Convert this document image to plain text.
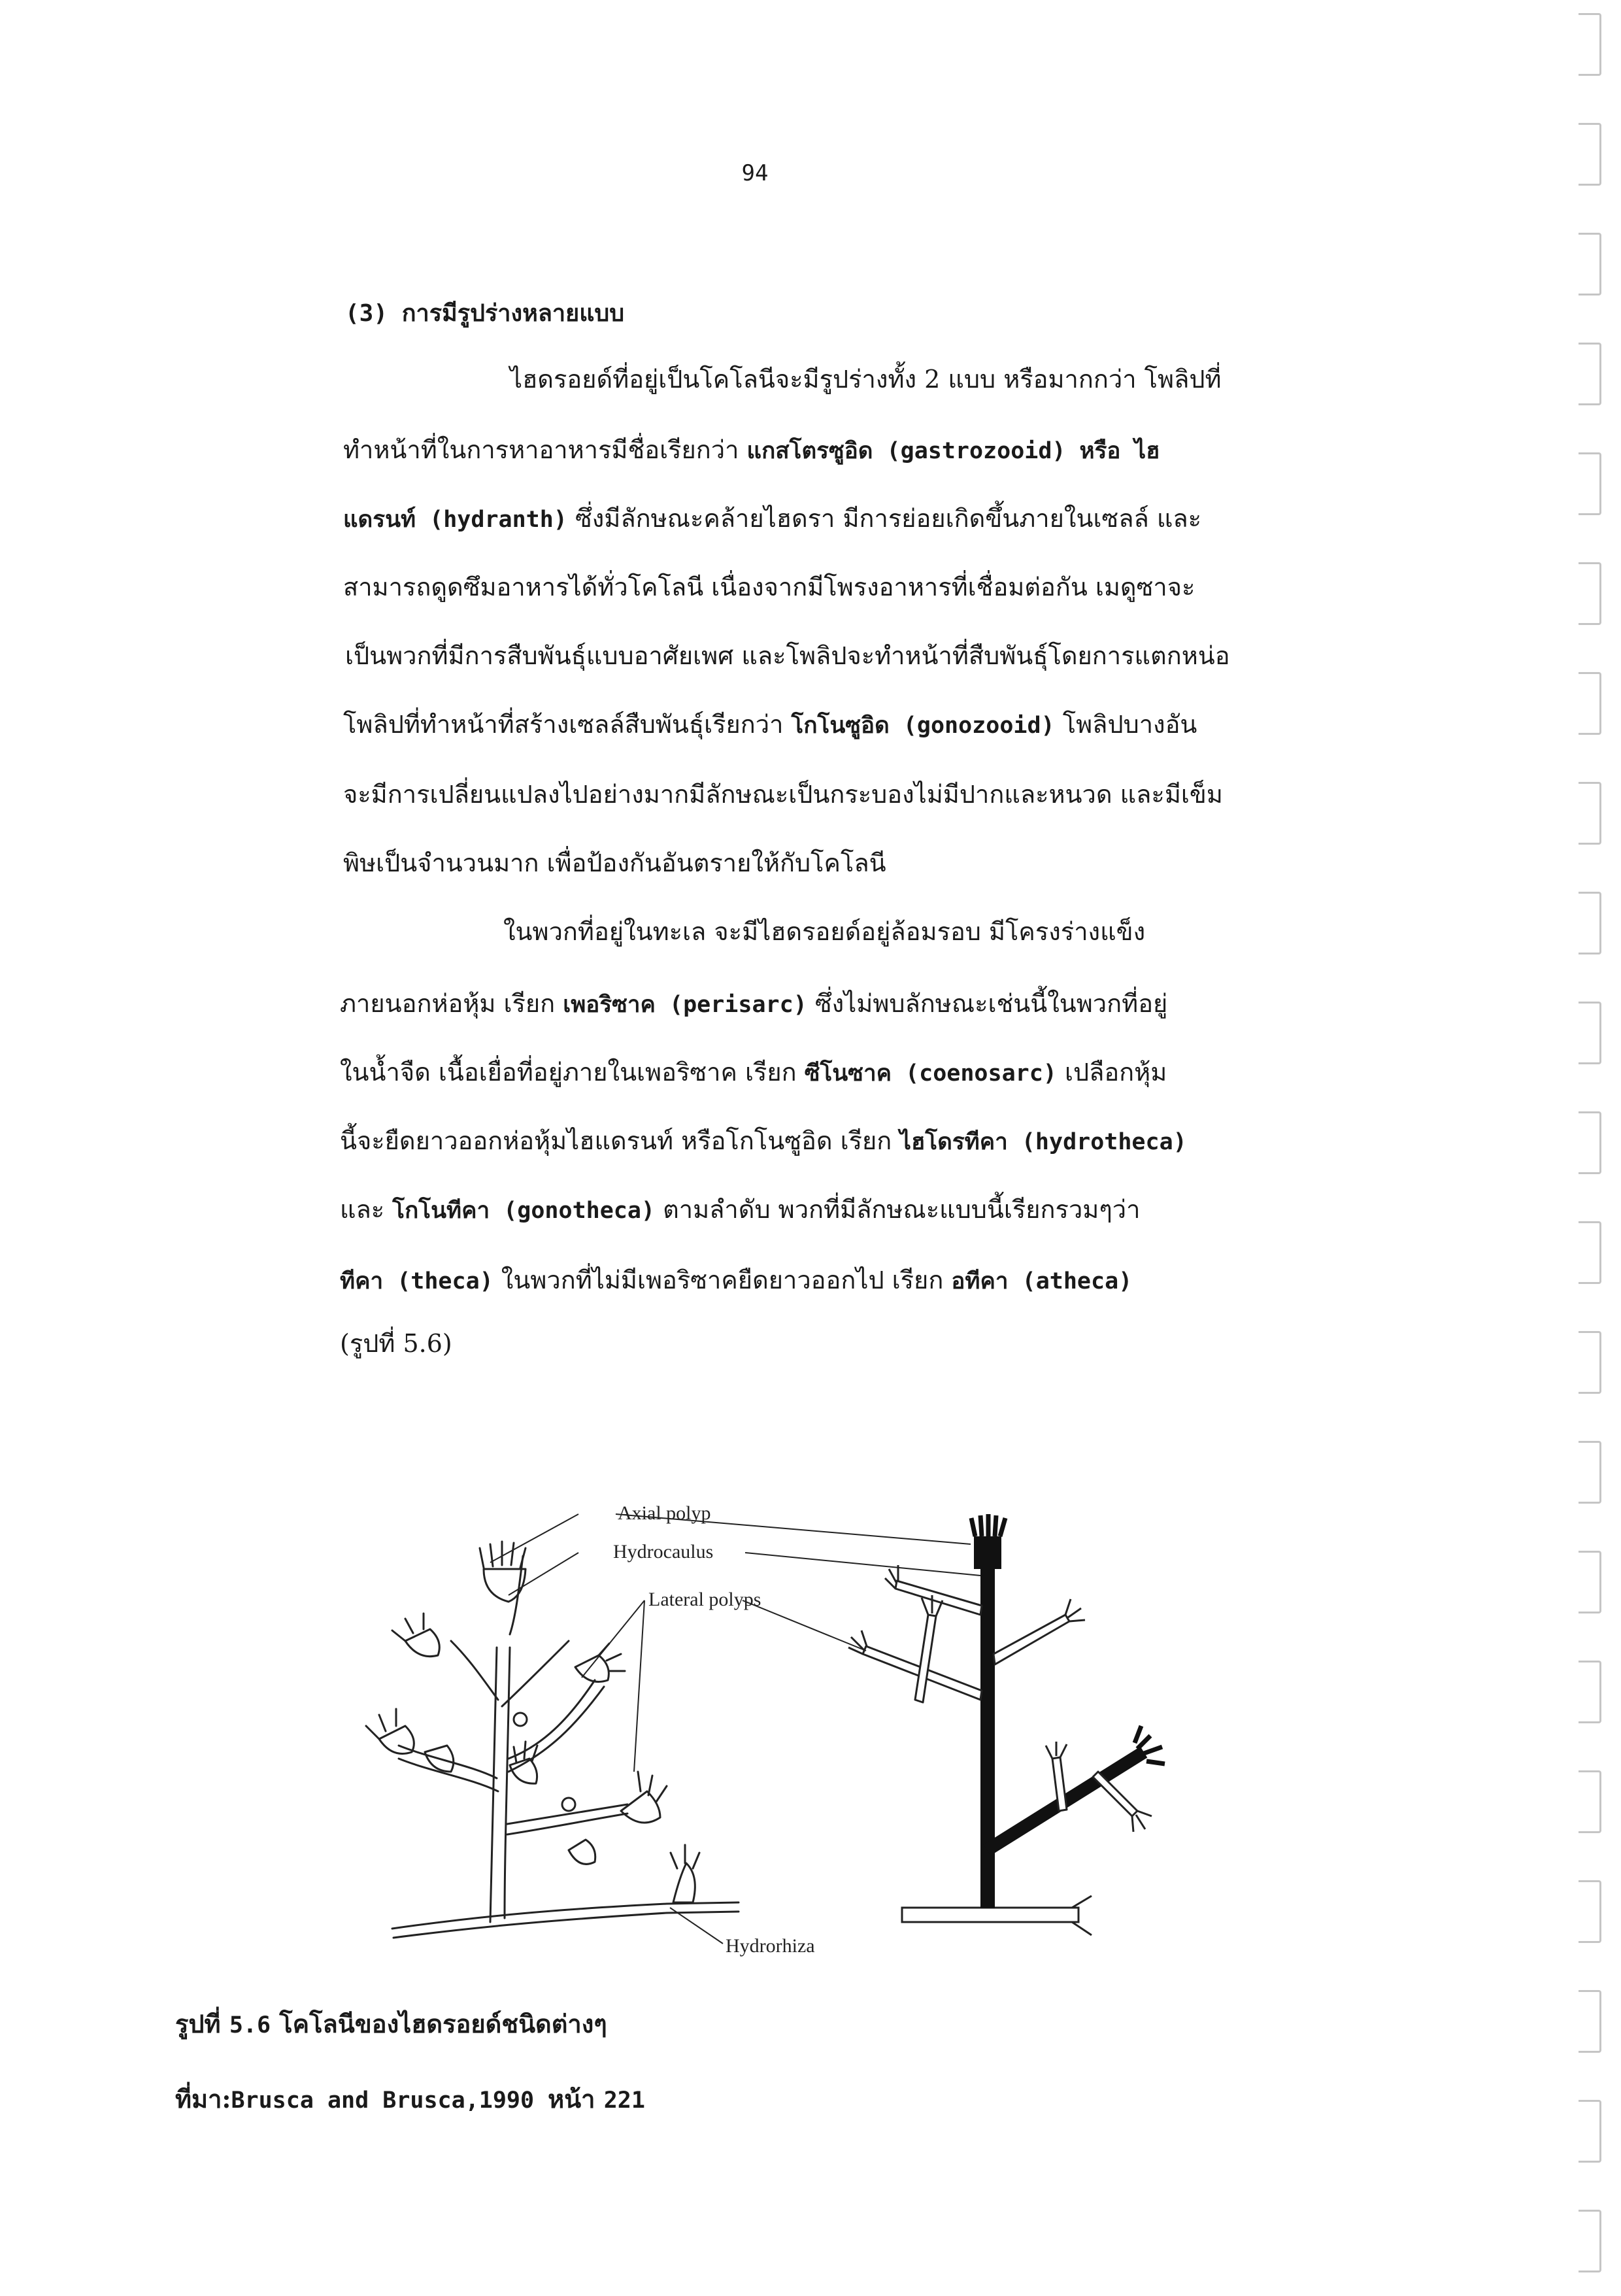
94
(3) การมีรูปร่างหลายแบบ
ไฮดรอยด์ที่อยู่เป็นโคโลนีจะมีรูปร่างทั้ง 2 แบบ หรือมากกว่า โพลิปที่
ทำหน้าที่ในการหาอาหารมีชื่อเรียกว่า แกสโตรซูอิด (gastrozooid) หรือ ไฮ
แดรนท์ (hydranth) ซึ่งมีลักษณะคล้ายไฮดรา มีการย่อยเกิดขึ้นภายในเซลล์ และ
สามารถดูดซึมอาหารได้ทั่วโคโลนี เนื่องจากมีโพรงอาหารที่เชื่อมต่อกัน เมดูซาจะ
เป็นพวกที่มีการสืบพันธุ์แบบอาศัยเพศ และโพลิปจะทำหน้าที่สืบพันธุ์โดยการแตกหน่อ
โพลิปที่ทำหน้าที่สร้างเซลล์สืบพันธุ์เรียกว่า โกโนซูอิด (gonozooid) โพลิปบางอัน
จะมีการเปลี่ยนแปลงไปอย่างมากมีลักษณะเป็นกระบองไม่มีปากและหนวด และมีเข็ม
พิษเป็นจำนวนมาก เพื่อป้องกันอันตรายให้กับโคโลนี
ในพวกที่อยู่ในทะเล จะมีไฮดรอยด์อยู่ล้อมรอบ มีโครงร่างแข็ง
ภายนอกห่อหุ้ม เรียก เพอริซาค (perisarc) ซึ่งไม่พบลักษณะเช่นนี้ในพวกที่อยู่
ในน้ำจืด เนื้อเยื่อที่อยู่ภายในเพอริซาค เรียก ซีโนซาค (coenosarc) เปลือกหุ้ม
นี้จะยืดยาวออกห่อหุ้มไฮแดรนท์ หรือโกโนซูอิด เรียก ไฮโดรทีคา (hydrotheca)
และ โกโนทีคา (gonotheca) ตามลำดับ พวกที่มีลักษณะแบบนี้เรียกรวมๆว่า
ทีคา (theca) ในพวกที่ไม่มีเพอริซาคยืดยาวออกไป เรียก อทีคา (atheca)
(รูปที่ 5.6)
Axial polyp
Hydrocaulus
Lateral polyps
Hydrorhiza
รูปที่ 5.6 โคโลนีของไฮดรอยด์ชนิดต่างๆ
ที่มา:Brusca and Brusca,1990 หน้า 221
